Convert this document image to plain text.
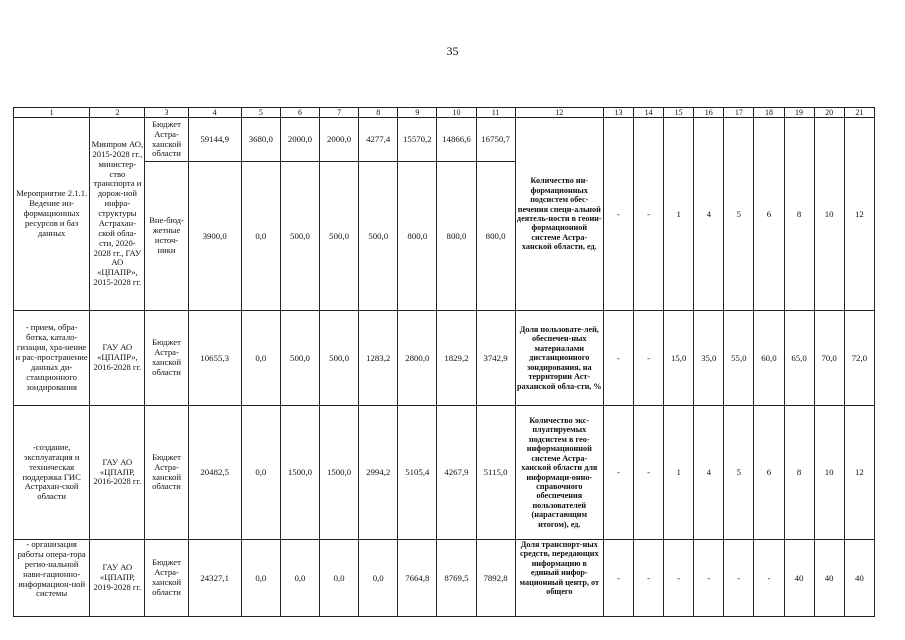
35
1	2	3	4	5	6	7	8	9	10	11	12	13	14	15	16	17	18	19	20	21
Мероприятие 2.1.1. Ведение ин-формационных ресурсов и баз данных	Минпром АО, 2015-2028 гг., министер-ство транспорта и дорож-ной инфра-структуры Астрахан-ской обла-сти, 2020-2028 гг., ГАУ АО «ЦПАПР», 2015-2028 гг.	Бюджет Астра-ханской области	59144,9	3680,0	2000,0	2000,0	4277,4	15570,2	14866,6	16750,7	Количество ин-формационных подсистем обес-печения специ-альной деятель-ности в геоин-формационной системе Астра-ханской области, ед.	-	-	1	4	5	6	8	10	12
		Вне-бюд-жетные источ-ники	3900,0	0,0	500,0	500,0	500,0	800,0	800,0	800,0										
- прием, обра-ботка, катало-гизация, хра-нение и рас-пространение данных ди-станционного зондирования	ГАУ АО «ЦПАПР», 2016-2028 гг.	Бюджет Астра-ханской области	10655,3	0,0	500,0	500,0	1283,2	2800,0	1829,2	3742,9	Доля пользовате-лей, обеспечен-ных материалами дистанционного зондирования, на территории Аст-раханской обла-сти, %	-	-	15,0	35,0	55,0	60,0	65,0	70,0	72,0
-создание, эксплуатация и техническая поддержка ГИС Астрахан-ской области	ГАУ АО «ЦПАПР, 2016-2028 гг.	Бюджет Астра-ханской области	20482,5	0,0	1500,0	1500,0	2994,2	5105,4	4267,9	5115,0	Количество экс-плуатируемых подсистем в гео-информационной системе Астра-ханской области для информаци-онно-справочного обеспечения пользователей (нарастающим итогом), ед.	-	-	1	4	5	6	8	10	12
- организация работы опера-тора регио-нальной нави-гационно-информацион-ной системы	ГАУ АО «ЦПАПР, 2019-2028 гг.	Бюджет Астра-ханской области	24327,1	0,0	0,0	0,0	0,0	7664,8	8769,5	7892,8	Доля транспорт-ных средств, передающих информацию в единый инфор-мационный центр, от общего	-	-	-	-	-	-	40	40	40
